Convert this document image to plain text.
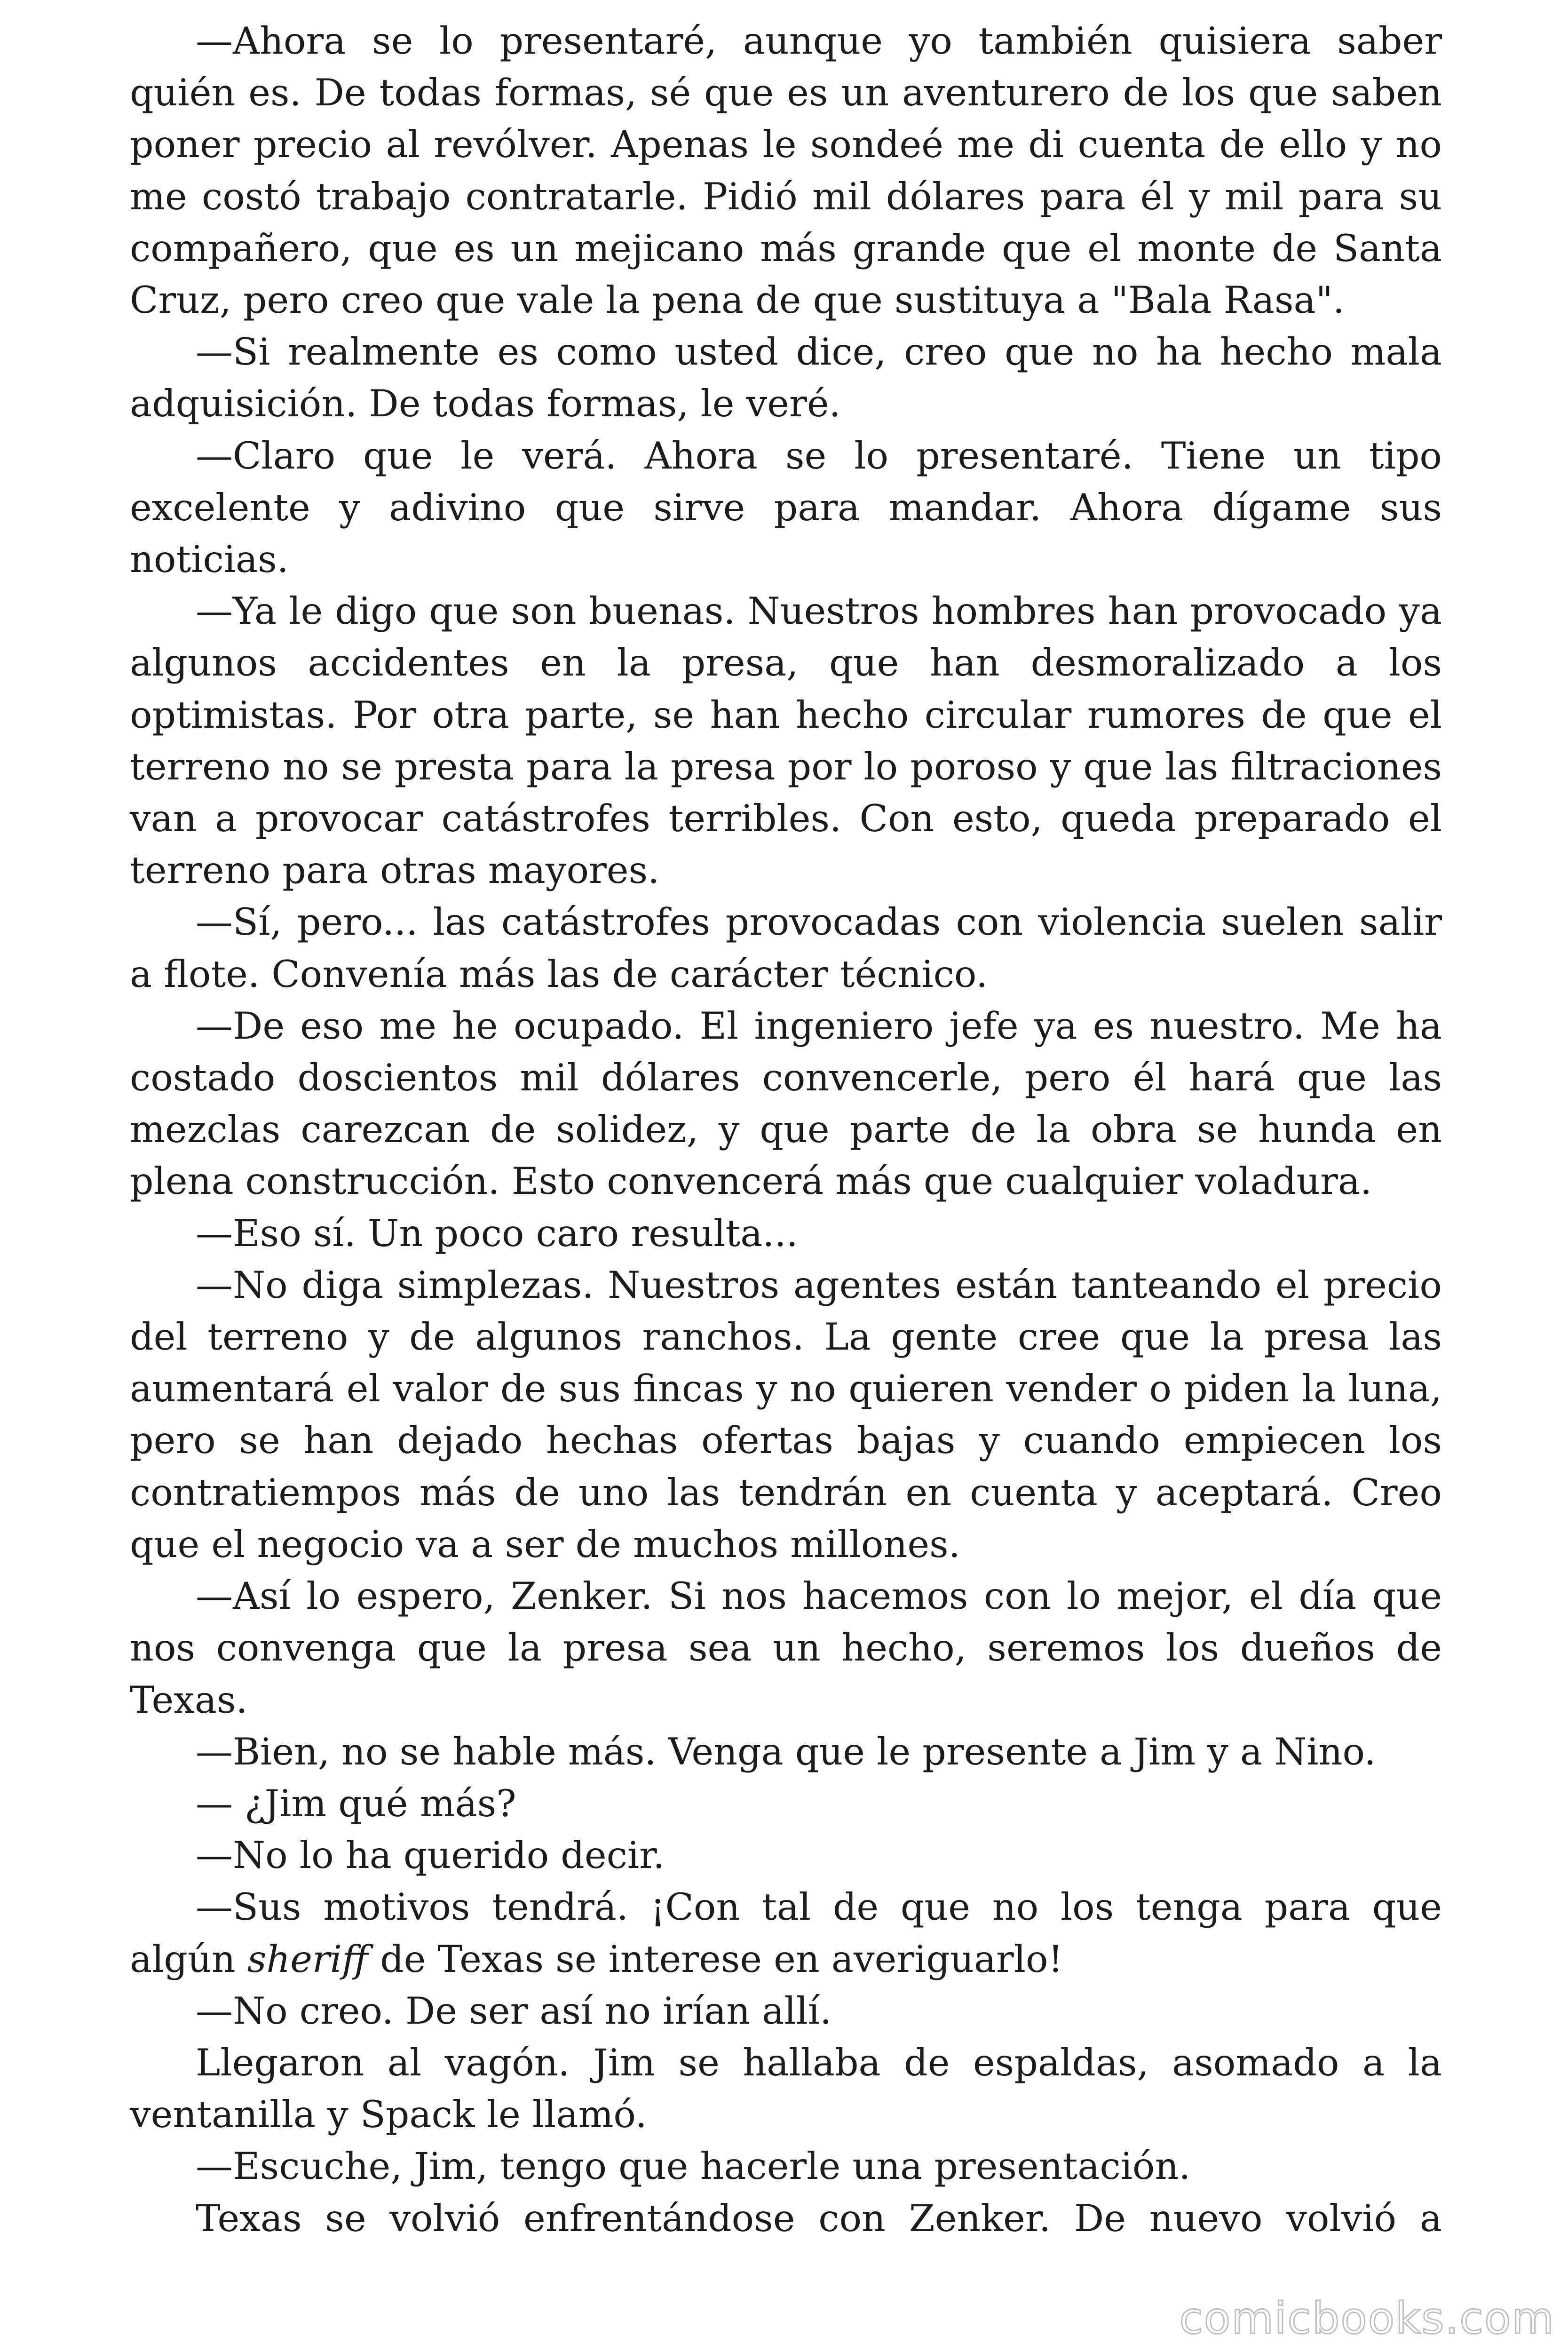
—Ahora se lo presentaré, aunque yo también quisiera saber quién es. De todas formas, sé que es un aventurero de los que saben poner precio al revólver. Apenas le sondeé me di cuenta de ello y no me costó trabajo contratarle. Pidió mil dólares para él y mil para su compañero, que es un mejicano más grande que el monte de Santa Cruz, pero creo que vale la pena de que sustituya a "Bala Rasa".

—Si realmente es como usted dice, creo que no ha hecho mala adquisición. De todas formas, le veré.

—Claro que le verá. Ahora se lo presentaré. Tiene un tipo excelente y adivino que sirve para mandar. Ahora dígame sus noticias.

—Ya le digo que son buenas. Nuestros hombres han provocado ya algunos accidentes en la presa, que han desmoralizado a los optimistas. Por otra parte, se han hecho circular rumores de que el terreno no se presta para la presa por lo poroso y que las filtraciones van a provocar catástrofes terribles. Con esto, queda preparado el terreno para otras mayores.

—Sí, pero... las catástrofes provocadas con violencia suelen salir a flote. Convenía más las de carácter técnico.

—De eso me he ocupado. El ingeniero jefe ya es nuestro. Me ha costado doscientos mil dólares convencerle, pero él hará que las mezclas carezcan de solidez, y que parte de la obra se hunda en plena construcción. Esto convencerá más que cualquier voladura.

—Eso sí. Un poco caro resulta...

—No diga simplezas. Nuestros agentes están tanteando el precio del terreno y de algunos ranchos. La gente cree que la presa las aumentará el valor de sus fincas y no quieren vender o piden la luna, pero se han dejado hechas ofertas bajas y cuando empiecen los contratiempos más de uno las tendrán en cuenta y aceptará. Creo que el negocio va a ser de muchos millones.

—Así lo espero, Zenker. Si nos hacemos con lo mejor, el día que nos convenga que la presa sea un hecho, seremos los dueños de Texas.

—Bien, no se hable más. Venga que le presente a Jim y a Nino.

— ¿Jim qué más?

—No lo ha querido decir.

—Sus motivos tendrá. ¡Con tal de que no los tenga para que algún sheriff de Texas se interese en averiguarlo!

—No creo. De ser así no irían allí.

Llegaron al vagón. Jim se hallaba de espaldas, asomado a la ventanilla y Spack le llamó.

—Escuche, Jim, tengo que hacerle una presentación.

Texas se volvió enfrentándose con Zenker. De nuevo volvió a

comicbooks.com
